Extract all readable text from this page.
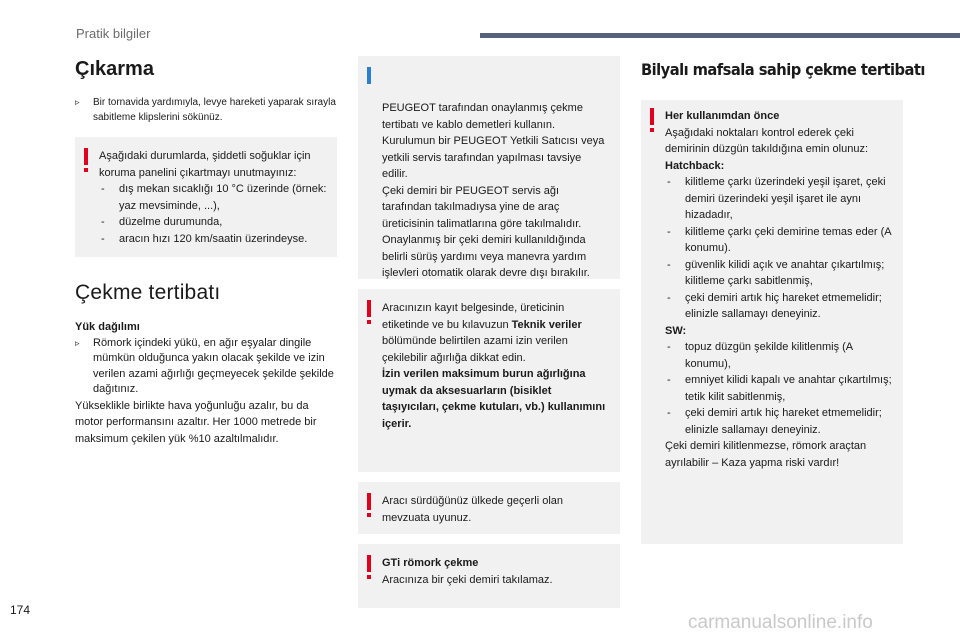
Pratik bilgiler
Çıkarma
▹ Bir tornavida yardımıyla, levye hareketi yaparak sırayla sabitleme klipslerini sökünüz.
Aşağıdaki durumlarda, şiddetli soğuklar için koruma panelini çıkartmayı unutmayınız:
- dış mekan sıcaklığı 10 °C üzerinde (örnek: yaz mevsiminde, ...),
- düzelme durumunda,
- aracın hızı 120 km/saatin üzerindeyse.
Çekme tertibatı
Yük dağılımı
▹ Römork içindeki yükü, en ağır eşyalar dingile mümkün olduğunca yakın olacak şekilde ve izin verilen azami ağırlığı geçmeyecek şekilde şekilde dağıtınız.

Yükseklikle birlikte hava yoğunluğu azalır, bu da motor performansını azaltır. Her 1000 metrede bir maksimum çekilen yük %10 azaltılmalıdır.

PEUGEOT tarafından onaylanmış çekme tertibatı ve kablo demetleri kullanın. Kurulumun bir PEUGEOT Yetkili Satıcısı veya yetkili servis tarafından yapılması tavsiye edilir.
Çeki demiri bir PEUGEOT servis ağı tarafından takılmadıysa yine de araç üreticisinin talimatlarına göre takılmalıdır.
Onaylanmış bir çeki demiri kullanıldığında belirli sürüş yardımı veya manevra yardım işlevleri otomatik olarak devre dışı bırakılır.

Aracınızın kayıt belgesinde, üreticinin etiketinde ve bu kılavuzun Teknik veriler bölümünde belirtilen azami izin verilen çekilebilir ağırlığa dikkat edin.
İzin verilen maksimum burun ağırlığına uymak da aksesuarların (bisiklet taşıyıcıları, çekme kutuları, vb.) kullanımını içerir.
Aracı sürdüğünüz ülkede geçerli olan mevzuata uyunuz.
GTi römork çekme
Aracınıza bir çeki demiri takılamaz.
Bilyalı mafsala sahip çekme tertibatı
Her kullanımdan önce
Aşağıdaki noktaları kontrol ederek çeki demirinin düzgün takıldığına emin olunuz:
Hatchback:
- kilitleme çarkı üzerindeki yeşil işaret, çeki demiri üzerindeki yeşil işaret ile aynı hizadadır,
- kilitleme çarkı çeki demirine temas eder (A konumu).
- güvenlik kilidi açık ve anahtar çıkartılmış; kilitleme çarkı sabitlenmiş,
- çeki demiri artık hiç hareket etmemelidir; elinizle sallamayı deneyiniz.
SW:
- topuz düzgün şekilde kilitlenmiş (A konumu),
- emniyet kilidi kapalı ve anahtar çıkartılmış; tetik kilit sabitlenmiş,
- çeki demiri artık hiç hareket etmemelidir; elinizle sallamayı deneyiniz.
Çeki demiri kilitlenmezse, römork araçtan ayrılabilir – Kaza yapma riski vardır!
174
carmanualsonline.info
